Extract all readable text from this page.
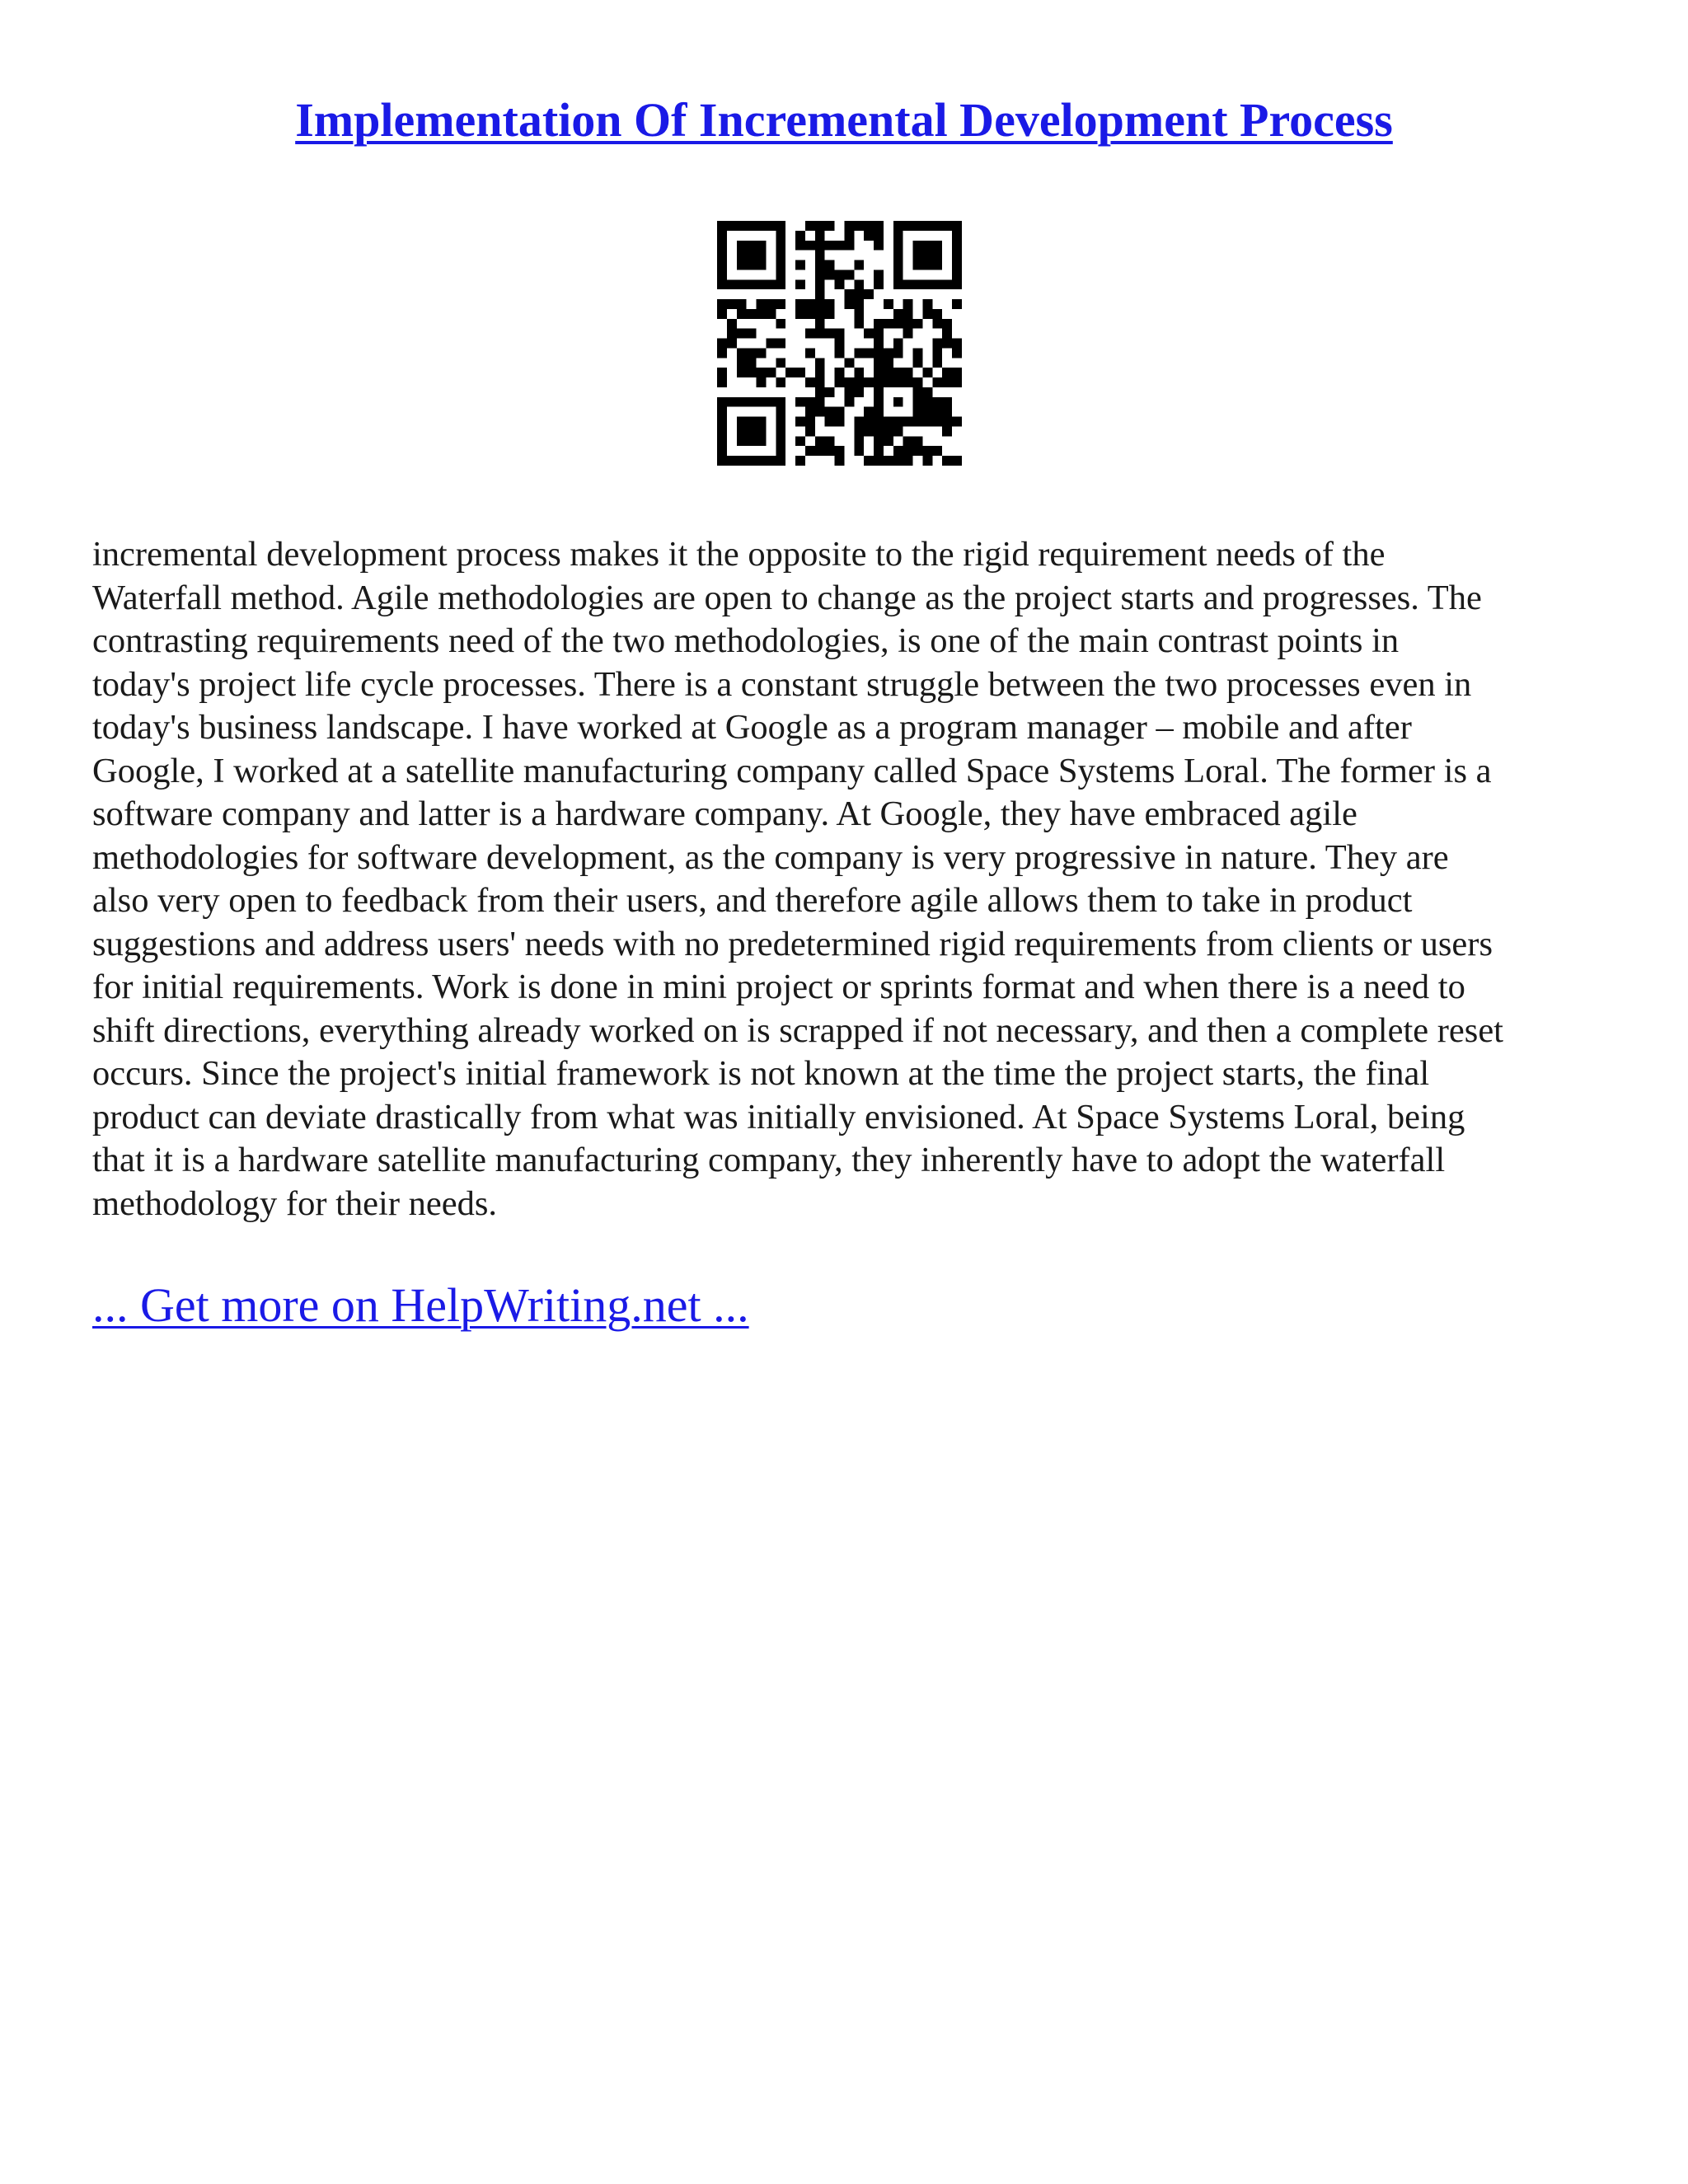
Implementation Of Incremental Development Process
incremental development process makes it the opposite to the rigid requirement needs of the
Waterfall method. Agile methodologies are open to change as the project starts and progresses. The
contrasting requirements need of the two methodologies, is one of the main contrast points in
today's project life cycle processes. There is a constant struggle between the two processes even in
today's business landscape. I have worked at Google as a program manager – mobile and after
Google, I worked at a satellite manufacturing company called Space Systems Loral. The former is a
software company and latter is a hardware company. At Google, they have embraced agile
methodologies for software development, as the company is very progressive in nature. They are
also very open to feedback from their users, and therefore agile allows them to take in product
suggestions and address users' needs with no predetermined rigid requirements from clients or users
for initial requirements. Work is done in mini project or sprints format and when there is a need to
shift directions, everything already worked on is scrapped if not necessary, and then a complete reset
occurs. Since the project's initial framework is not known at the time the project starts, the final
product can deviate drastically from what was initially envisioned. At Space Systems Loral, being
that it is a hardware satellite manufacturing company, they inherently have to adopt the waterfall
methodology for their needs.

... Get more on HelpWriting.net ...
